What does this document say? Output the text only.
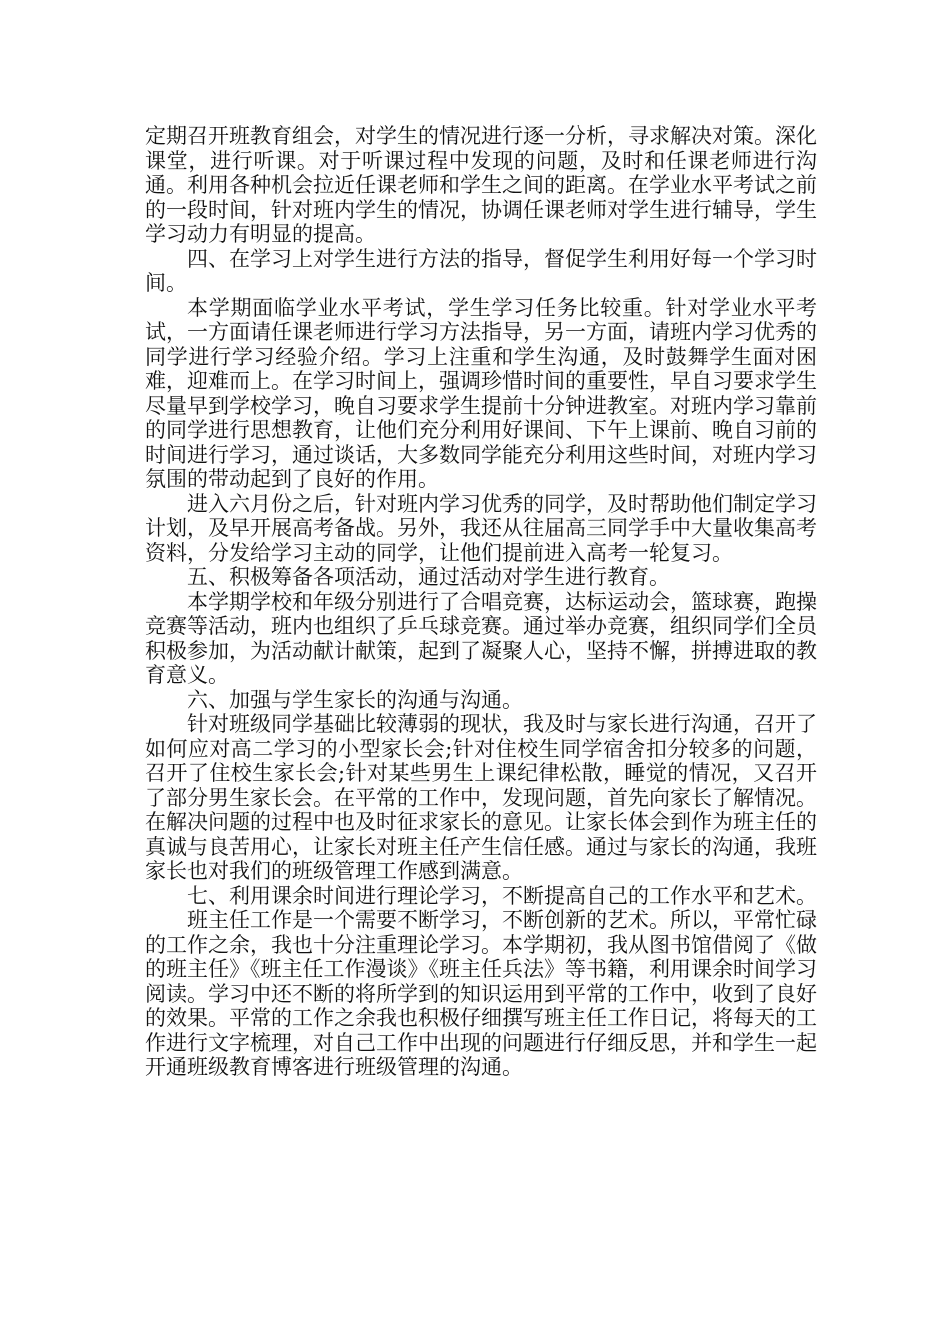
定期召开班教育组会，对学生的情况进行逐一分析，寻求解决对策。深化课堂，进行听课。对于听课过程中发现的问题，及时和任课老师进行沟通。利用各种机会拉近任课老师和学生之间的距离。在学业水平考试之前的一段时间，针对班内学生的情况，协调任课老师对学生进行辅导，学生学习动力有明显的提高。

四、在学习上对学生进行方法的指导，督促学生利用好每一个学习时间。

本学期面临学业水平考试，学生学习任务比较重。针对学业水平考试，一方面请任课老师进行学习方法指导，另一方面，请班内学习优秀的同学进行学习经验介绍。学习上注重和学生沟通，及时鼓舞学生面对困难，迎难而上。在学习时间上，强调珍惜时间的重要性，早自习要求学生尽量早到学校学习，晚自习要求学生提前十分钟进教室。对班内学习靠前的同学进行思想教育，让他们充分利用好课间、下午上课前、晚自习前的时间进行学习，通过谈话，大多数同学能充分利用这些时间，对班内学习氛围的带动起到了良好的作用。

进入六月份之后，针对班内学习优秀的同学，及时帮助他们制定学习计划，及早开展高考备战。另外，我还从往届高三同学手中大量收集高考资料，分发给学习主动的同学，让他们提前进入高考一轮复习。

五、积极筹备各项活动，通过活动对学生进行教育。

本学期学校和年级分别进行了合唱竞赛，达标运动会，篮球赛，跑操竞赛等活动，班内也组织了乒乓球竞赛。通过举办竞赛，组织同学们全员积极参加，为活动献计献策，起到了凝聚人心，坚持不懈，拼搏进取的教育意义。

六、加强与学生家长的沟通与沟通。

针对班级同学基础比较薄弱的现状，我及时与家长进行沟通，召开了如何应对高二学习的小型家长会;针对住校生同学宿舍扣分较多的问题，召开了住校生家长会;针对某些男生上课纪律松散，睡觉的情况，又召开了部分男生家长会。在平常的工作中，发现问题，首先向家长了解情况。在解决问题的过程中也及时征求家长的意见。让家长体会到作为班主任的真诚与良苦用心，让家长对班主任产生信任感。通过与家长的沟通，我班家长也对我们的班级管理工作感到满意。

七、利用课余时间进行理论学习，不断提高自己的工作水平和艺术。

班主任工作是一个需要不断学习，不断创新的艺术。所以，平常忙碌的工作之余，我也十分注重理论学习。本学期初，我从图书馆借阅了《做的班主任》《班主任工作漫谈》《班主任兵法》等书籍，利用课余时间学习阅读。学习中还不断的将所学到的知识运用到平常的工作中，收到了良好的效果。平常的工作之余我也积极仔细撰写班主任工作日记，将每天的工作进行文字梳理，对自己工作中出现的问题进行仔细反思，并和学生一起开通班级教育博客进行班级管理的沟通。
